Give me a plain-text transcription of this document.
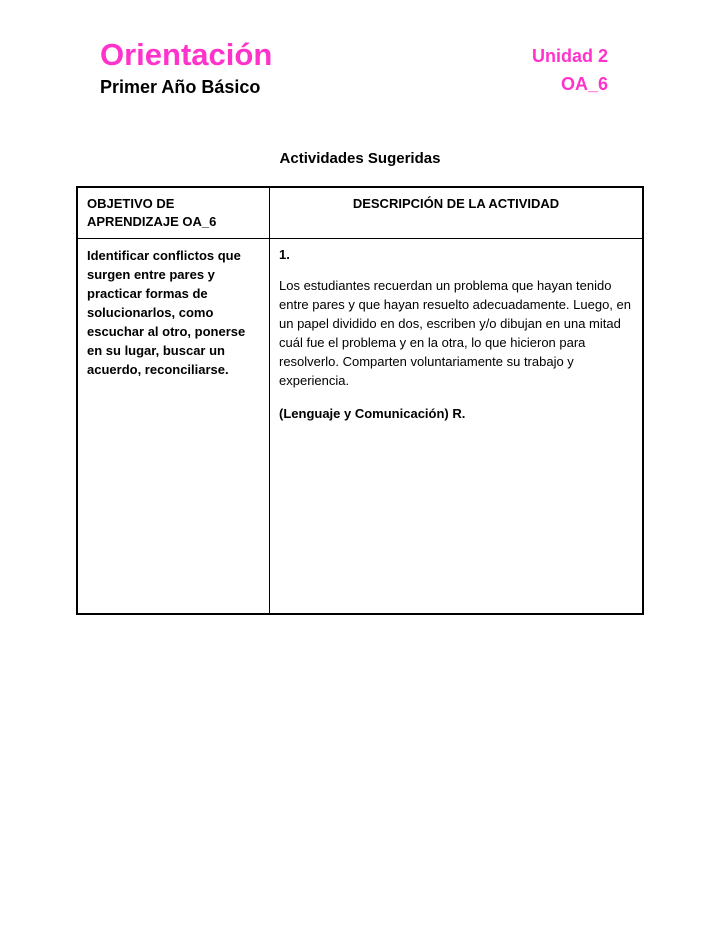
Orientación
Primer Año Básico
Unidad 2
OA_6
Actividades Sugeridas
OBJETIVO DE APRENDIZAJE OA_6	DESCRIPCIÓN DE LA ACTIVIDAD
Identificar conflictos que surgen entre pares y practicar formas de solucionarlos, como escuchar al otro, ponerse en su lugar, buscar un acuerdo, reconciliarse.	1.
Los estudiantes recuerdan un problema que hayan tenido entre pares y que hayan resuelto adecuadamente. Luego, en un papel dividido en dos, escriben y/o dibujan en una mitad cuál fue el problema y en la otra, lo que hicieron para resolverlo. Comparten voluntariamente su trabajo y experiencia.
(Lenguaje y Comunicación) R.
